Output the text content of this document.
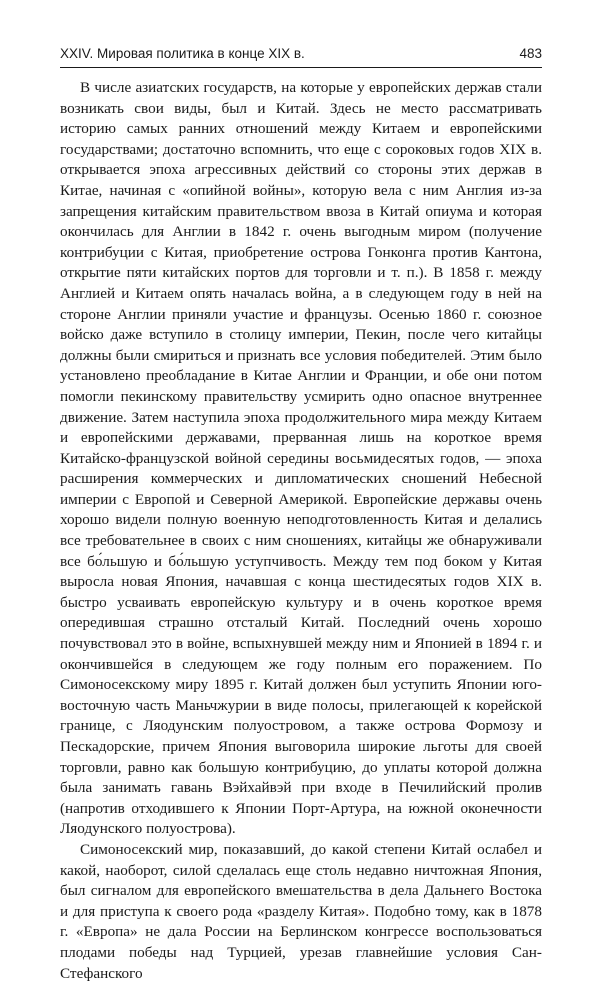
XXIV. Мировая политика в конце XIX в.	483

В числе азиатских государств, на которые у европейских держав стали возникать свои виды, был и Китай. Здесь не место рассматривать историю самых ранних отношений между Китаем и европейскими государствами; достаточно вспомнить, что еще с сороковых годов XIX в. открывается эпоха агрессивных действий со стороны этих держав в Китае, начиная с «опийной войны», которую вела с ним Англия из-за запрещения китайским правительством ввоза в Китай опиума и которая окончилась для Англии в 1842 г. очень выгодным миром (получение контрибуции с Китая, приобретение острова Гонконга против Кантона, открытие пяти китайских портов для торговли и т. п.). В 1858 г. между Англией и Китаем опять началась война, а в следующем году в ней на стороне Англии приняли участие и французы. Осенью 1860 г. союзное войско даже вступило в столицу империи, Пекин, после чего китайцы должны были смириться и признать все условия победителей. Этим было установлено преобладание в Китае Англии и Франции, и обе они потом помогли пекинскому правительству усмирить одно опасное внутреннее движение. Затем наступила эпоха продолжительного мира между Китаем и европейскими державами, прерванная лишь на короткое время Китайско-французской войной середины восьмидесятых годов, — эпоха расширения коммерческих и дипломатических сношений Небесной империи с Европой и Северной Америкой. Европейские державы очень хорошо видели полную военную неподготовленность Китая и делались все требовательнее в своих с ним сношениях, китайцы же обнаруживали все бо́льшую и бо́льшую уступчивость. Между тем под боком у Китая выросла новая Япония, начавшая с конца шестидесятых годов XIX в. быстро усваивать европейскую культуру и в очень короткое время опередившая страшно отсталый Китай. Последний очень хорошо почувствовал это в войне, вспыхнувшей между ним и Японией в 1894 г. и окончившейся в следующем же году полным его поражением. По Симоносекскому миру 1895 г. Китай должен был уступить Японии юго-восточную часть Маньчжурии в виде полосы, прилегающей к корейской границе, с Ляодунским полуостровом, а также острова Формозу и Пескадорские, причем Япония выговорила широкие льготы для своей торговли, равно как большую контрибуцию, до уплаты которой должна была занимать гавань Вэйхайвэй при входе в Печилийский пролив (напротив отходившего к Японии Порт-Артура, на южной оконечности Ляодунского полуострова).

Симоносекский мир, показавший, до какой степени Китай ослабел и какой, наоборот, силой сделалась еще столь недавно ничтожная Япония, был сигналом для европейского вмешательства в дела Дальнего Востока и для приступа к своего рода «разделу Китая». Подобно тому, как в 1878 г. «Европа» не дала России на Берлинском конгрессе воспользоваться плодами победы над Турцией, урезав главнейшие условия Сан-Стефанского
